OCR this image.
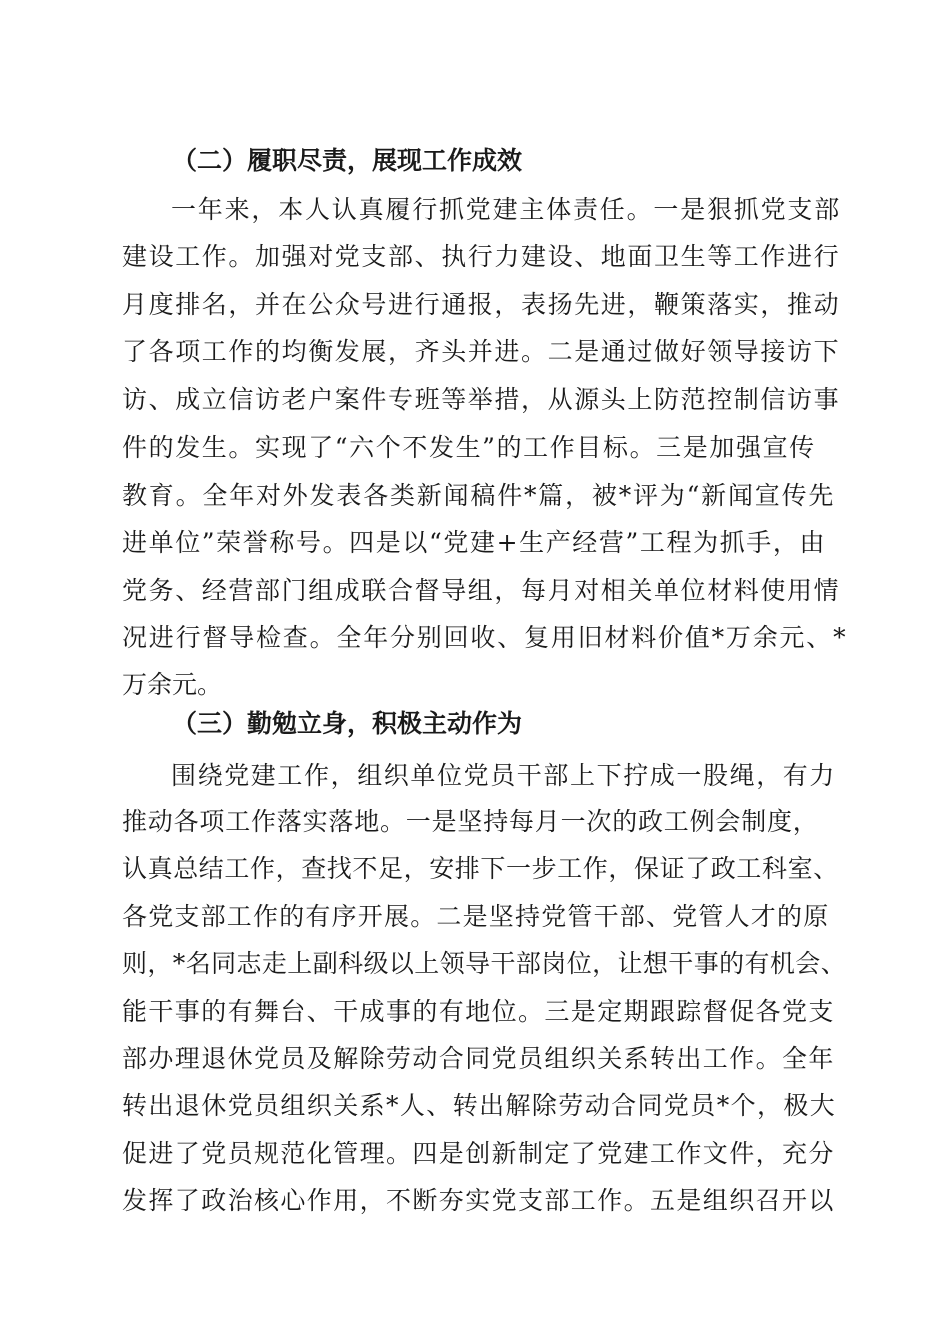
（二）履职尽责，展现工作成效
一年来，本人认真履行抓党建主体责任。一是狠抓党支部
建设工作。加强对党支部、执行力建设、地面卫生等工作进行
月度排名，并在公众号进行通报，表扬先进，鞭策落实，推动
了各项工作的均衡发展，齐头并进。二是通过做好领导接访下
访、成立信访老户案件专班等举措，从源头上防范控制信访事
件的发生。实现了“六个不发生”的工作目标。三是加强宣传
教育。全年对外发表各类新闻稿件*篇，被*评为“新闻宣传先
进单位”荣誉称号。四是以“党建+生产经营”工程为抓手，由
党务、经营部门组成联合督导组，每月对相关单位材料使用情
况进行督导检查。全年分别回收、复用旧材料价值*万余元、*
万余元。
（三）勤勉立身，积极主动作为
围绕党建工作，组织单位党员干部上下拧成一股绳，有力
推动各项工作落实落地。一是坚持每月一次的政工例会制度，
认真总结工作，查找不足，安排下一步工作，保证了政工科室、
各党支部工作的有序开展。二是坚持党管干部、党管人才的原
则，*名同志走上副科级以上领导干部岗位，让想干事的有机会、
能干事的有舞台、干成事的有地位。三是定期跟踪督促各党支
部办理退休党员及解除劳动合同党员组织关系转出工作。全年
转出退休党员组织关系*人、转出解除劳动合同党员*个，极大
促进了党员规范化管理。四是创新制定了党建工作文件，充分
发挥了政治核心作用，不断夯实党支部工作。五是组织召开以
